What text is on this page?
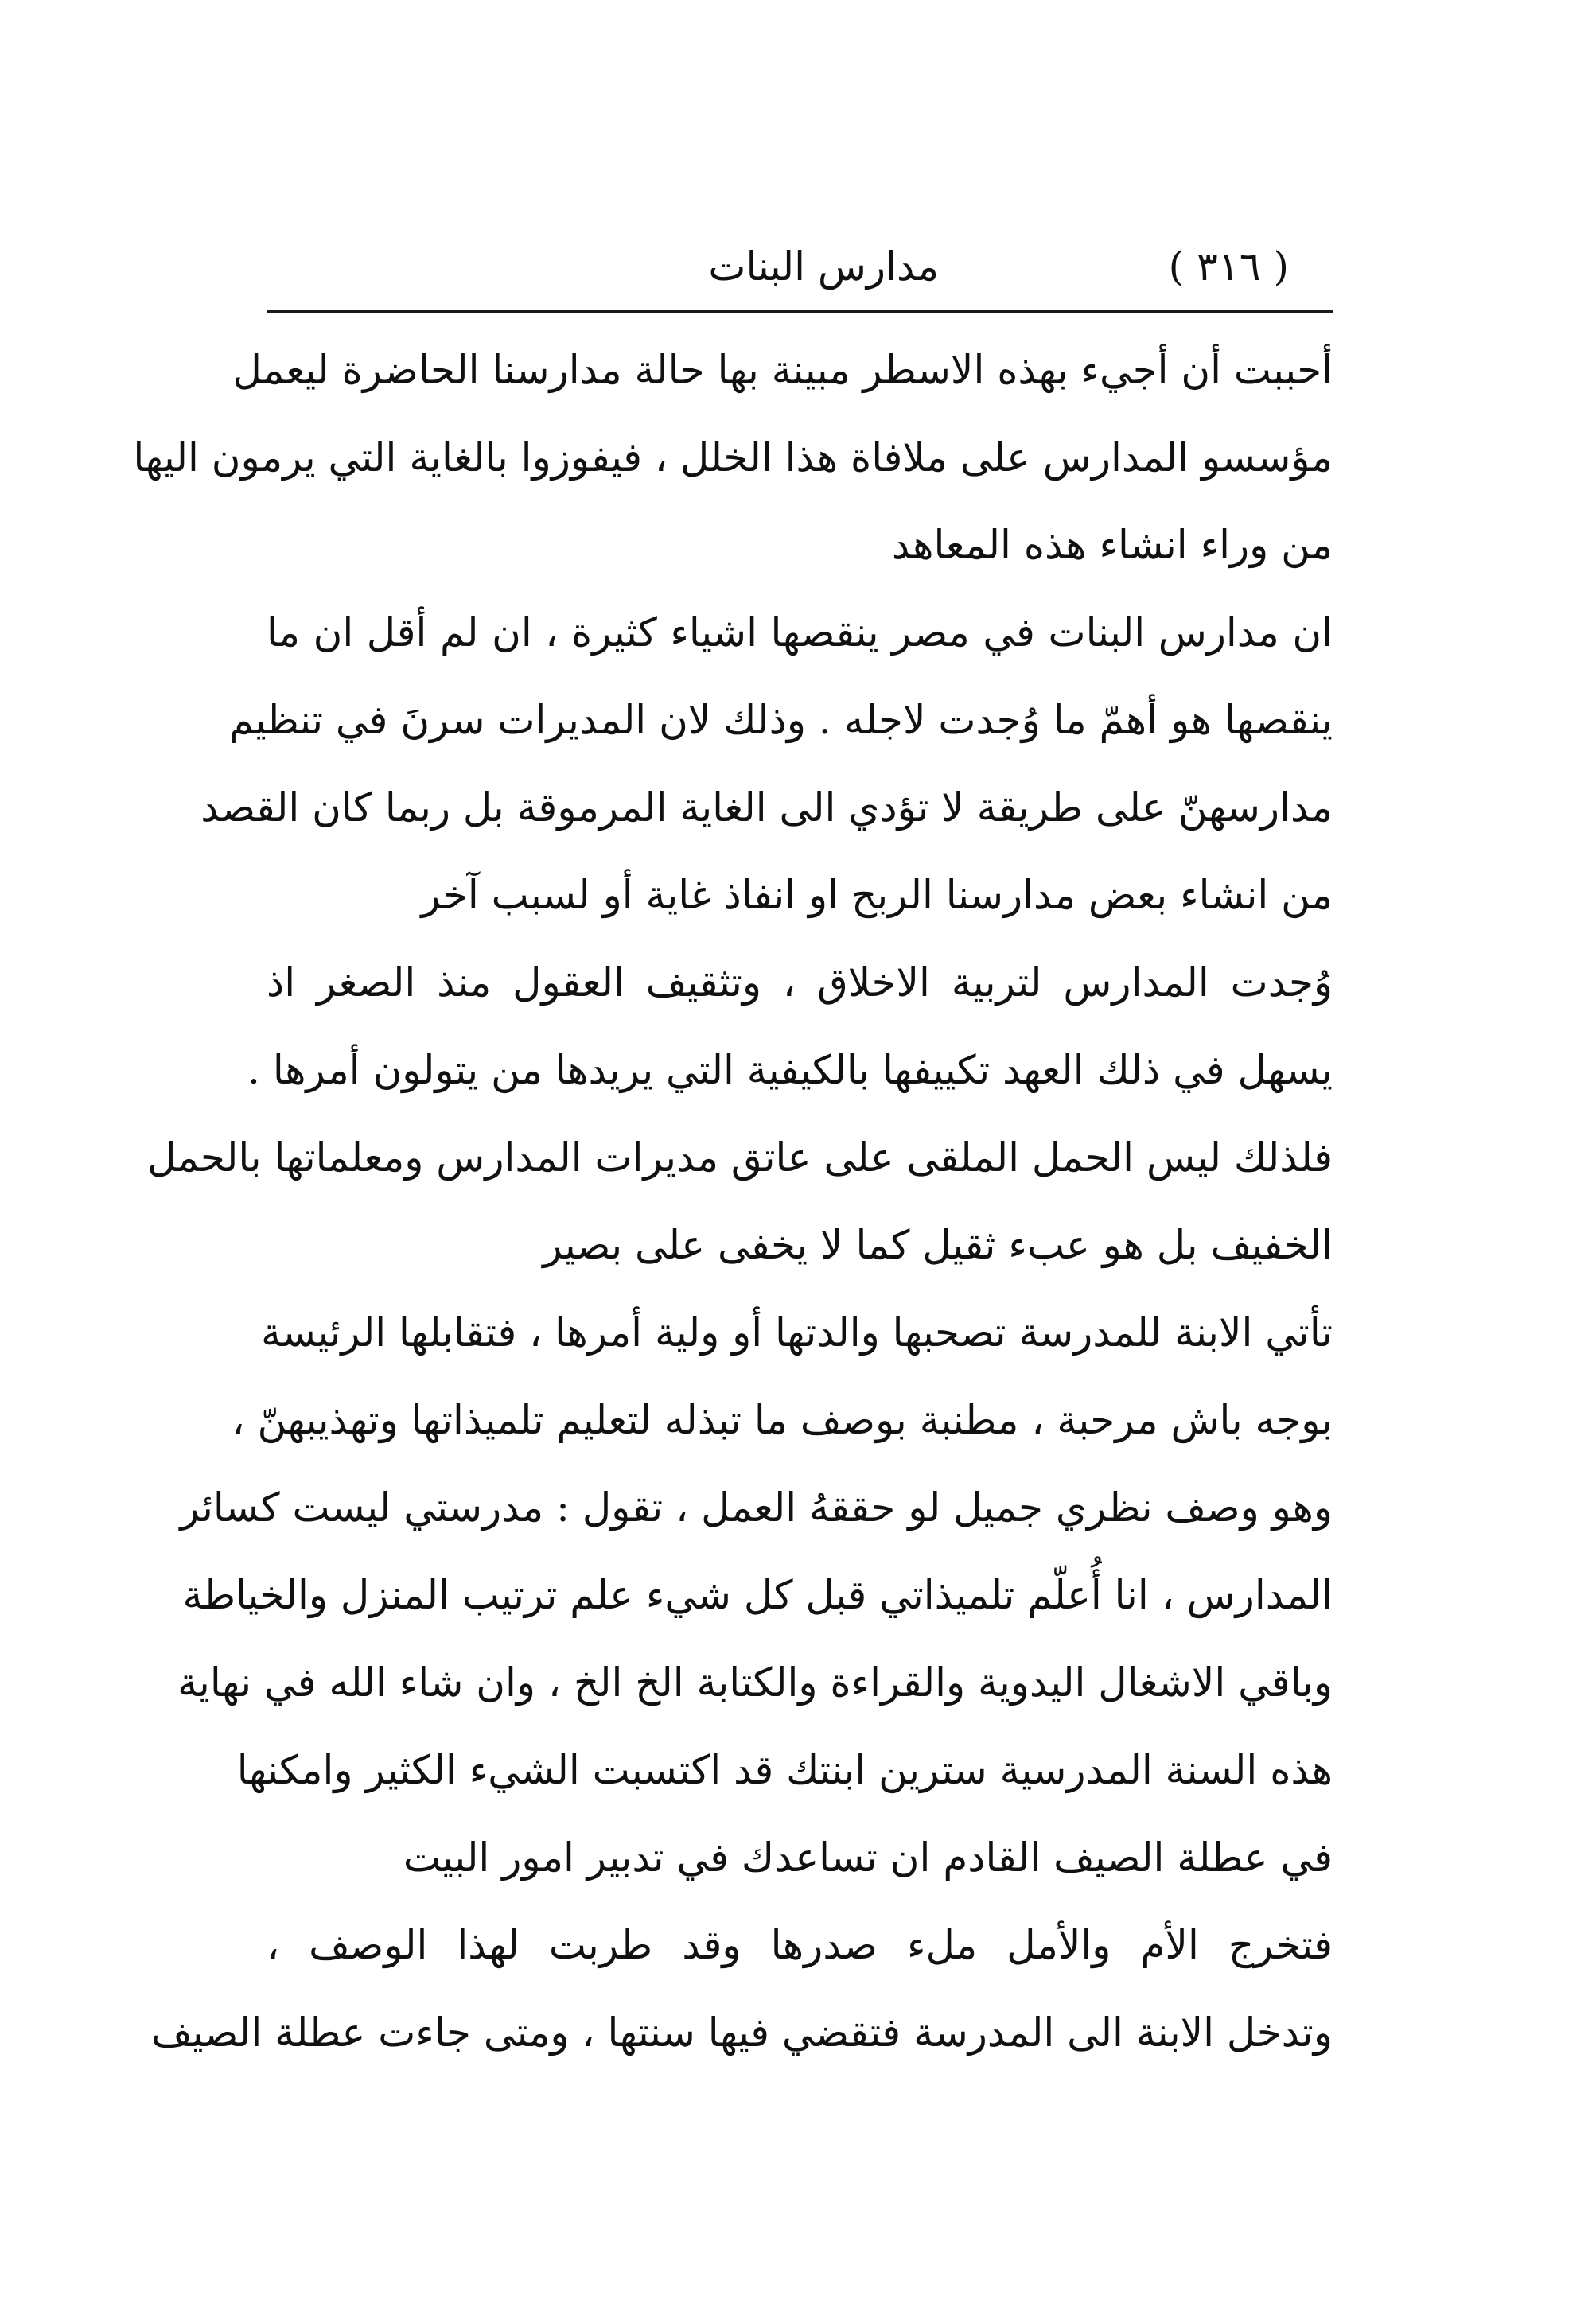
( ٣١٦ )
مدارس البنات
أحببت أن أجيء بهذه الاسطر مبينة بها حالة مدارسنا الحاضرة ليعمل
مؤسسو المدارس على ملافاة هذا الخلل ، فيفوزوا بالغاية التي يرمون اليها
من وراء انشاء هذه المعاهد
ان مدارس البنات في مصر ينقصها اشياء كثيرة ، ان لم أقل ان ما
ينقصها هو أهمّ ما وُجدت لاجله . وذلك لان المديرات سرنَ في تنظيم
مدارسهنّ على طريقة لا تؤدي الى الغاية المرموقة بل ربما كان القصد
من انشاء بعض مدارسنا الربح او انفاذ غاية أو لسبب آخر
وُجدت المدارس لتربية الاخلاق ، وتثقيف العقول منذ الصغر اذ
يسهل في ذلك العهد تكييفها بالكيفية التي يريدها من يتولون أمرها .
فلذلك ليس الحمل الملقى على عاتق مديرات المدارس ومعلماتها بالحمل
الخفيف بل هو عبء ثقيل كما لا يخفى على بصير
تأتي الابنة للمدرسة تصحبها والدتها أو ولية أمرها ، فتقابلها الرئيسة
بوجه باش مرحبة ، مطنبة بوصف ما تبذله لتعليم تلميذاتها وتهذيبهنّ ،
وهو وصف نظري جميل لو حققهُ العمل ، تقول : مدرستي ليست كسائر
المدارس ، انا أُعلّم تلميذاتي قبل كل شيء علم ترتيب المنزل والخياطة
وباقي الاشغال اليدوية والقراءة والكتابة الخ الخ ، وان شاء الله في نهاية
هذه السنة المدرسية سترين ابنتك قد اكتسبت الشيء الكثير وامكنها
في عطلة الصيف القادم ان تساعدك في تدبير امور البيت
فتخرج الأم والأمل ملء صدرها وقد طربت لهذا الوصف ،
وتدخل الابنة الى المدرسة فتقضي فيها سنتها ، ومتى جاءت عطلة الصيف
